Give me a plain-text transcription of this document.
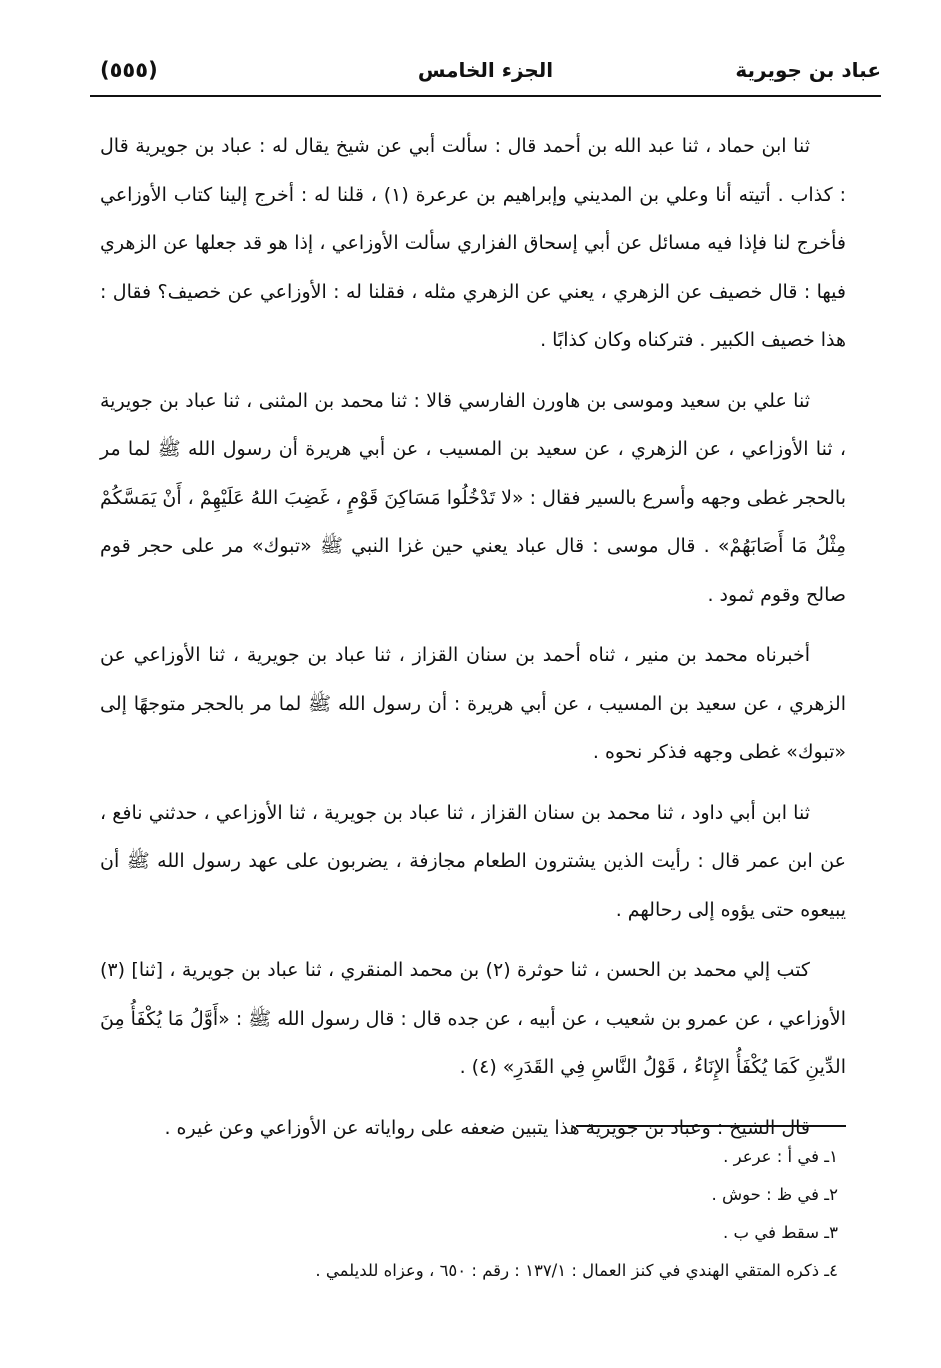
عباد بن جويرية
الجزء الخامس
(٥٥٥)

ثنا ابن حماد ، ثنا عبد الله بن أحمد قال : سألت أبي عن شيخ يقال له : عباد بن جويرية قال : كذاب . أتيته أنا وعلي بن المديني وإبراهيم بن عرعرة (١) ، قلنا له : أخرج إلينا كتاب الأوزاعي فأخرج لنا فإذا فيه مسائل عن أبي إسحاق الفزاري سألت الأوزاعي ، إذا هو قد جعلها عن الزهري فيها : قال خصيف عن الزهري ، يعني عن الزهري مثله ، فقلنا له : الأوزاعي عن خصيف؟ فقال : هذا خصيف الكبير . فتركناه وكان كذابًا .

ثنا علي بن سعيد وموسى بن هاورن الفارسي قالا : ثنا محمد بن المثنى ، ثنا عباد بن جويرية ، ثنا الأوزاعي ، عن الزهري ، عن سعيد بن المسيب ، عن أبي هريرة أن رسول الله ﷺ لما مر بالحجر غطى وجهه وأسرع بالسير فقال : «لا تَدْخُلُوا مَسَاكِنَ قَوْمٍ ، غَضِبَ اللهُ عَلَيْهِمْ ، أَنْ يَمَسَّكُمْ مِثْلُ مَا أَصَابَهُمْ» . قال موسى : قال عباد يعني حين غزا النبي ﷺ «تبوك» مر على حجر قوم صالح وقوم ثمود .

أخبرناه محمد بن منير ، ثناه أحمد بن سنان القزاز ، ثنا عباد بن جويرية ، ثنا الأوزاعي عن الزهري ، عن سعيد بن المسيب ، عن أبي هريرة : أن رسول الله ﷺ لما مر بالحجر متوجهًا إلى «تبوك» غطى وجهه فذكر نحوه .

ثنا ابن أبي داود ، ثنا محمد بن سنان القزاز ، ثنا عباد بن جويرية ، ثنا الأوزاعي ، حدثني نافع ، عن ابن عمر قال : رأيت الذين يشترون الطعام مجازفة ، يضربون على عهد رسول الله ﷺ أن يبيعوه حتى يؤوه إلى رحالهم .

كتب إلي محمد بن الحسن ، ثنا حوثرة (٢) بن محمد المنقري ، ثنا عباد بن جويرية ، [ثنا] (٣) الأوزاعي ، عن عمرو بن شعيب ، عن أبيه ، عن جده قال : قال رسول الله ﷺ : «أَوَّلُ مَا يُكْفَأُ مِنَ الدِّينِ كَمَا يُكْفَأُ الإِنَاءُ ، قَوْلُ النَّاسِ فِي القَدَرِ» (٤) .

قال الشيخ : وعباد بن جويرية هذا يتبين ضعفه على رواياته عن الأوزاعي وعن غيره .

١ـ في أ : عرعر .

٢ـ في ظ : حوش .

٣ـ سقط في ب .

٤ـ ذكره المتقي الهندي في كنز العمال : ١٣٧/١ : رقم : ٦٥٠ ، وعزاه للديلمي .
